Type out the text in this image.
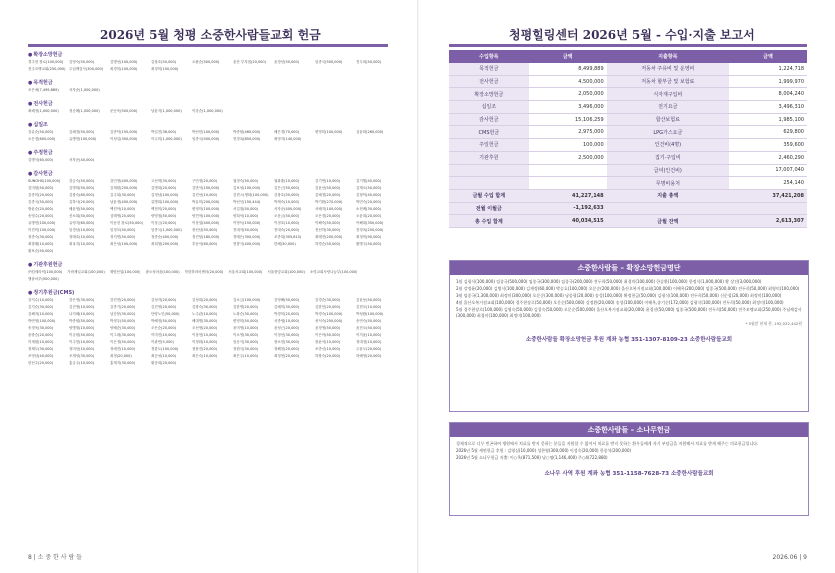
2026년 5월 청평 소중한사람들교회 헌금
● 확장소망헌금
경주현 장로(100,000)	김영숙(50,000)	김병선(100,000)	김창호(50,000)	오완순(500,000)	울산 부자집(20,000)	윤경선(50,000)	임종국(500,000)	전두희(50,000)
전주꼬맹교회(250,000)	주님께감사(300,000)	최경미(100,000)	최정미(100,000)
● 목적헌금
조은애(7,499,889)	서자준(1,000,000)
● 전사헌금
최혜정(1,000,000)	정순례(1,000,000)	문승욱(500,000)	남윤지(1,000,000)	이강순(1,000,000)
● 십일조
강유순(50,000)	김혜정(50,000)	김종덕(150,000)	박길진(36,000)	박선민(100,000)	박종원(460,000)	배은경(70,000)	변영미(100,000)	심윤화(260,000)
오은경(600,000)	유병현(100,000)	이성일(300,000)	이수미(1,000,000)	임종국(500,000)	전정옥(850,000)	최영지(140,000)
● 주정헌금
김병식(60,000)	서자준(40,000)
● 감사헌금
SUNOHS(100,000)	강금숙(50,000)	강인영(400,000)	고선혁(30,000)	구민정(20,000)	권정숙(50,000)	권화춘(10,000)	김기연(10,000)	김기월(40,000)
김미원(50,000)	김명희(50,000)	김재원(250,000)	김명희(20,000)	김만석(150,000)	김보성(100,000)	김은근(50,000)	김윤선(50,000)	김재오(50,000)
김종미(20,000)	김창숙(60,000)	김주희(30,000)	김정남(100,000)	김진선(10,000)	김현스(생화(100,000)	김창호(50,000)	김혜정(20,000)	김형덕(40,000)
김종국(50,000)	김하사(20,000)	남윤정(400,000)	류병희(100,000)	박유미(200,000)	박선인(150,444)	박재숙(10,000)	박기환(270,000)	박민숙(20,000)
방윤순(20,000)	배윤영(50,000)	백진아(10,000)	백현미(20,000)	변영미(100,000)	서길철(50,000)	서자준(400,000)	서혜지(100,000)	소현례(30,000)
송영수(20,000)	신소희(50,000)	심태영(20,000)	양영철(50,000)	양진혁(100,000)	양희석(10,000)	오운금(50,000)	오은경(20,000)	오윤희(20,000)
유병현(100,000)	유영지(60,000)	이동천 장로(50,000)	이상금(20,000)	이상열(400,000)	이영득(150,000)	이정호(10,000)	이해숙(50,000)	이해희(350,000)
이진미(150,000)	임경남(10,000)	임정모(50,000)	임종국(1,000,000)	장선남(50,000)	전대자(50,000)	전대숙(20,000)	전선하(30,000)	전정옥(250,000)
정종숙(30,000)	정태호(10,000)	정지연(50,000)	정종순(400,000)	정진당(180,000)	정태은(300,000)	조종희(305,815)	최례진(200,000)	최정미(90,000)
최향래(10,000)	최옥지(10,000)	최은성(100,000)	최희형(200,000)	추동석(60,000)	현향식(400,000)	한혜(30,000)	하경순(50,000)	황병주(50,000)
황보순(50,000)
● 기관후원헌금
㈜킴세라믹(100,000) 가락제일교회(100,000) 계양산업(100,000) 광오성마을(100,000) 북한하라마센터(20,000) 서울서교회(100,000) 서울중앙교회(100,000) 소망교회사랑나눔부(100,000)
행솔마루(500,000)
● 정기후원금(CMS)
강지수(10,000)	강은영(30,000)	강진현(20,000)	김성자(20,000)	김성희(20,000)	김소금(100,000)	김영해(50,000)	김경순(30,000)	김윤동(50,000)
김지순(30,000)	김진영(10,000)	김종기(20,000)	김진영(20,000)	김창숙(30,000)	김한명(20,000)	김혜미(30,000)	김한민(20,000)	김현모(10,000)
김해자(10,000)	나지혜(10,000)	남순봉(30,000)	단양노인(50,000)	노주관(10,000)	노화순(30,000)	박경미(20,000)	박경숙(100,000)	박성환(100,000)
박연영(100,000)	박종원(50,000)	박정우(50,000)	박혜정(50,000)	배대명(30,000)	변영미(50,000)	서종엽(10,000)	성석숙(250,000)	송연숙(50,000)
송정욱(30,000)	양병철(10,000)	양혜순(30,000)	오은순(20,000)	오선영(20,000)	윤미영(10,000)	윤성근(20,000)	윤정영(50,000)	윤진오(50,000)
윤중승(20,000)	이규원(50,000)	이그데(30,000)	이미진(10,000)	이상현(10,000)	이소영(30,000)	이정선(30,000)	이은아(50,000)	이지윤(10,000)
이재원(10,000)	이주현(10,000)	이은정(50,000)	이판빈(5,000)	이정화(10,000)	임운식(30,000)	장소현(30,000)	장윤석(10,000)	정대정(10,000)
정제도(30,000)	정미선(10,000)	정예진(10,000)	정한도(100,000)	정용진(20,000)	정원국(30,000)	정해천(20,000)	조종신(10,000)	주윤도(20,000)
조영남(40,000)	조재성(30,000)	최정(20,000)	최승성(10,000)	최은숙(10,000)	최은주(10,000)	최정현(20,000)	하창숙(20,000)	하혜영(20,000)
한선주(20,000)	홍금주(10,000)	홍재지(30,000)	황준희(20,000)
8 | 소 중 한 사 람 들
청평힐링센터 2026년 5월 - 수입·지출 보고서
수입항목	금액	지출항목	금액
목적헌금	8,499,889	저동차 주유비 및 운영비	1,224,718
전사헌금	4,500,000	저동차 할부금 및 보험료	1,999,970
확장소망헌금	2,050,000	식자재구입비	8,004,240
십일조	3,496,000	전기요금	3,496,310
감사헌금	15,106,259	합산보험료	1,985,100
CMS헌금	2,975,000	LPG가스요금	629,800
주일헌금	100,000	인건비(4명)	359,600
기관후원	2,500,000	집기·구입비	2,460,290
		급여(인건비)	17,007,040
		무명비용처	254,140
금월 수입 합계	41,227,148	지출 총액	37,421,208
전월 이월금	-1,192,633		
총 수입 합계	40,034,515	금월 잔액	2,613,307
소중한사람들 – 확장소망헌금명단

1월 김평식(100,000) 임종국(500,000) 임종국(300,000) 임종국(200,000) 전두희(50,000) 최경미(100,000) 한승환(100,000) 한정식(1,000,000) 황 상진(3,000,000)

2월 강정윤(20,000) 김병식(100,000) 김재정(60,000) 박승호(100,000) 오문순(200,000) 울산오복거점교회(100,000) 이혜옥(200,000) 임종국(500,000) 전두희(50,000) 최영미(100,000)

3월 임종국(1,300,000) 최정미(300,000) 오문순(300,000) 남종평(20,000) 송성(100,000) 확정헌금(50,000) 김평식(100,000) 전두희(50,000) 신준철(20,000) 최정미(100,000)

4월 울산오복거점교회(100,000) 경주현장로(50,000) 오문순(500,000) 강정환(20,000) 송성(100,000) 이해옥,송기순(172,000) 김평식(100,000) 전두희(50,000) 최정미(100,000)

5월 경주현장로(100,000) 김영숙(50,000) 김창숙(50,000) 오문순(500,000) 울산오복거점교회(20,000) 윤경선(50,000) 임종국(500,000) 전두희(50,000) 전주꼬맹교회(250,000) 주님께감사(300,000) 최경미(100,000) 최정미(100,000)

* 5월말 현재 총, 192,032,442원
소중한사람들 확장소망헌금 후원 계좌 농협 351-1307-8109-23 소중한사람들교회
소중한사람들 – 소나무헌금

경제적으로 너무 빈곤하여 병원에서 치료를 받지 못하는 분들을 지원할 수 없어서 치료를 받지 못하는 환우들에게 자기 부담금을 지원해서 치료를 받게 해주는 의료헌금입니다.

2026년 5월 세연헌금 후원 : 김영실(10,000) 성찬영(300,000) 이성숙(20,000) 한종석(200,000)

2026년 5월 소나무헌금 지출: 이○옥(871,500) 남○명(1,146,400) 주○4(722,880)

소나무 사역 후원 계좌 농협 351-1158-7628-73 소중한사람들교회
2026.06 | 9
